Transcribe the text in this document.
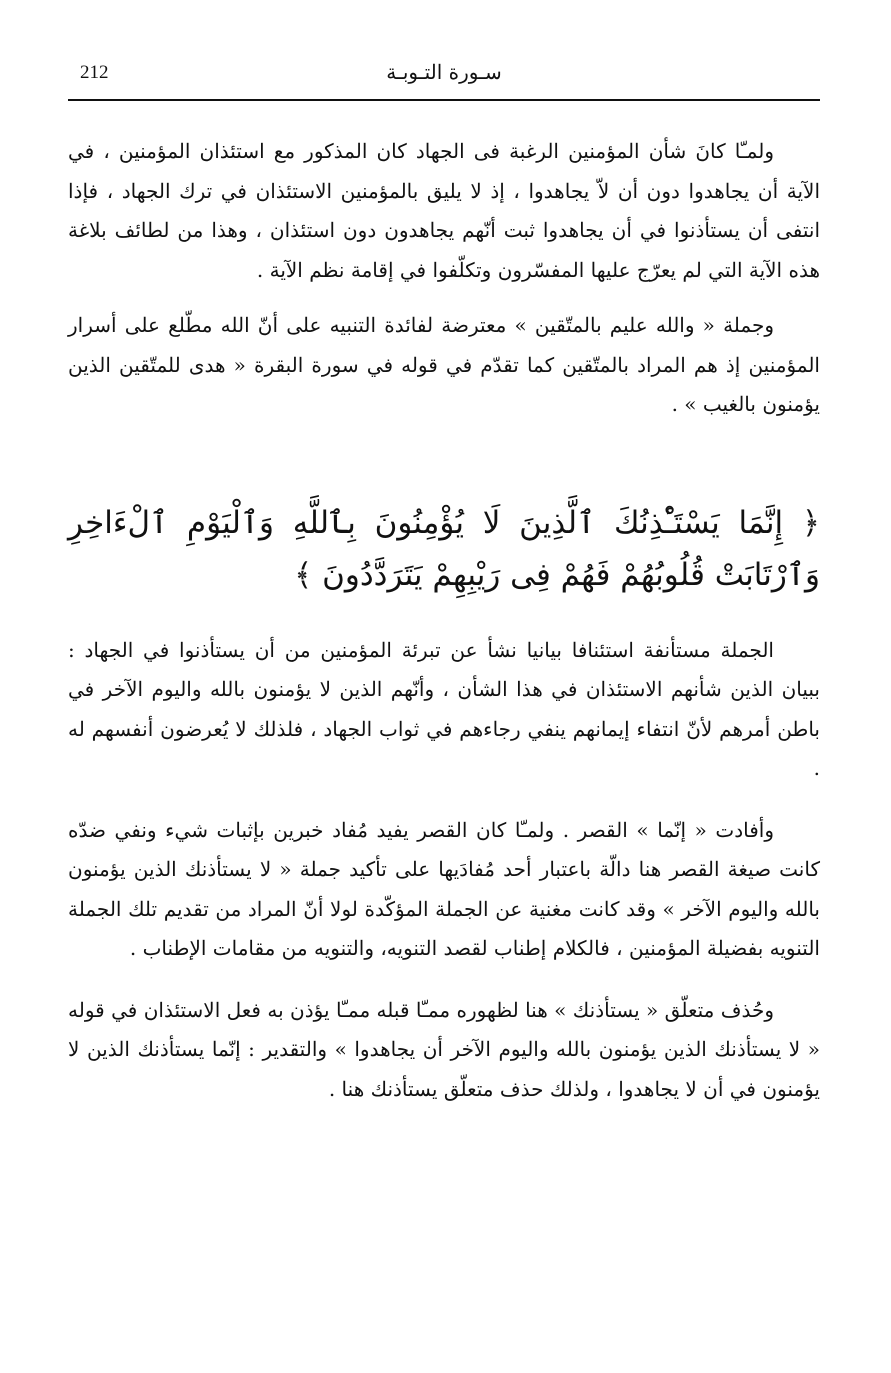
212	سـورة التـوبـة

ولمـّا كانَ شأن المؤمنين الرغبة فى الجهاد كان المذكور مع استئذان المؤمنين ، في الآية أن يجاهدوا دون أن لاّ يجاهدوا ، إذ لا يليق بالمؤمنين الاستئذان في ترك الجهاد ، فإذا انتفى أن يستأذنوا في أن يجاهدوا ثبت أنّهم يجاهدون دون استئذان ، وهذا من لطائف بلاغة هذه الآية التي لم يعرّج عليها المفسّرون وتكلّفوا في إقامة نظم الآية .

وجملة « والله عليم بالمتّقين » معترضة لفائدة التنبيه على أنّ الله مطّلع على أسرار المؤمنين إذ هم المراد بالمتّقين كما تقدّم في قوله في سورة البقرة « هدى للمتّقين الذين يؤمنون بالغيب » .

﴿ إِنَّمَا يَسْتَـْٔذِنُكَ ٱلَّذِينَ لَا يُؤْمِنُونَ بِٱللَّهِ وَٱلْيَوْمِ ٱلْءَاخِرِ وَٱرْتَابَتْ قُلُوبُهُمْ فَهُمْ فِى رَيْبِهِمْ يَتَرَدَّدُونَ ﴾

الجملة مستأنفة استئنافا بيانيا نشأ عن تبرئة المؤمنين من أن يستأذنوا في الجهاد : ببيان الذين شأنهم الاستئذان في هذا الشأن ، وأنّهم الذين لا يؤمنون بالله واليوم الآخر في باطن أمرهم لأنّ انتفاء إيمانهم ينفي رجاءهم في ثواب الجهاد ، فلذلك لا يُعرضون أنفسهم له .

وأفادت « إنّما » القصر . ولمـّا كان القصر يفيد مُفاد خبرين بإثبات شيء ونفي ضدّه كانت صيغة القصر هنا دالّة باعتبار أحد مُفادَيها على تأكيد جملة « لا يستأذنك الذين يؤمنون بالله واليوم الآخر » وقد كانت مغنية عن الجملة المؤكّدة لولا أنّ المراد من تقديم تلك الجملة التنويه بفضيلة المؤمنين ، فالكلام إطناب لقصد التنويه، والتنويه من مقامات الإطناب .

وحُذف متعلّق « يستأذنك » هنا لظهوره ممـّا قبله ممـّا يؤذن به فعل الاستئذان في قوله « لا يستأذنك الذين يؤمنون بالله واليوم الآخر أن يجاهدوا » والتقدير : إنّما يستأذنك الذين لا يؤمنون في أن لا يجاهدوا ، ولذلك حذف متعلّق يستأذنك هنا .
